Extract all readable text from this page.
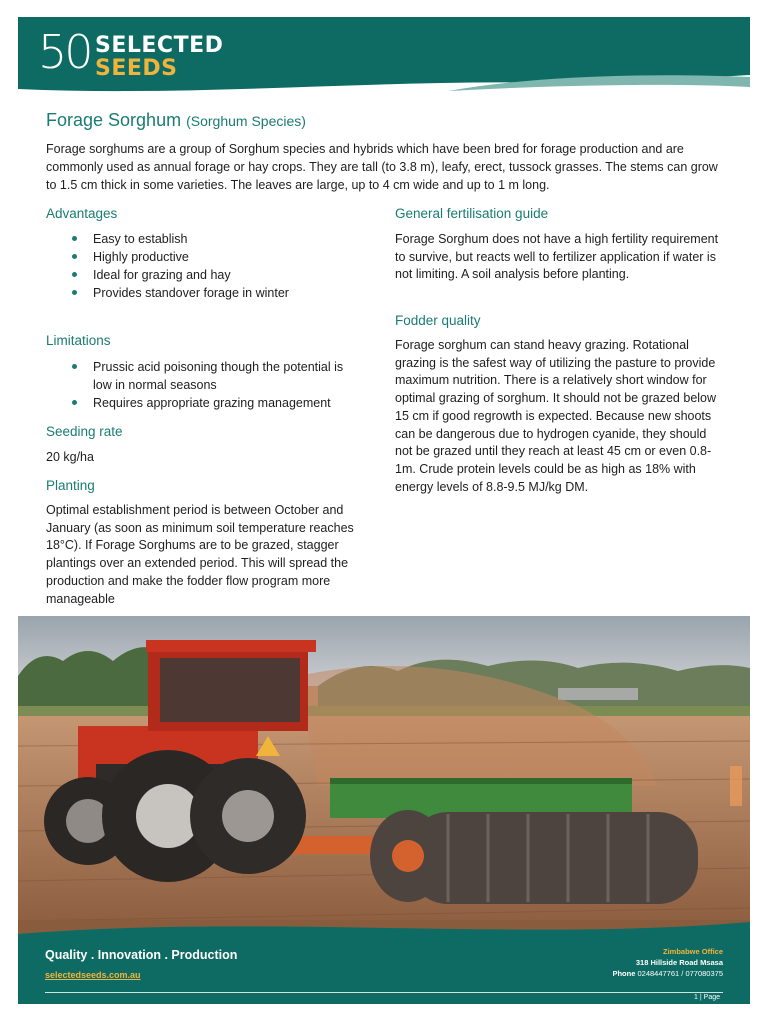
50 SELECTED
SEEDS
Forage Sorghum (Sorghum Species)

Forage sorghums are a group of Sorghum species and hybrids which have been bred for forage production and are commonly used as annual forage or hay crops. They are tall (to 3.8 m), leafy, erect, tussock grasses. The stems can grow to 1.5 cm thick in some varieties. The leaves are large, up to 4 cm wide and up to 1 m long.

Advantages
Easy to establish
Highly productive
Ideal for grazing and hay
Provides standover forage in winter
Limitations
Prussic acid poisoning though the potential is low in normal seasons
Requires appropriate grazing management
Seeding rate

20 kg/ha

Planting

Optimal establishment period is between October and January (as soon as minimum soil temperature reaches 18°C). If Forage Sorghums are to be grazed, stagger plantings over an extended period. This will spread the production and make the fodder flow program more manageable

General fertilisation guide

Forage Sorghum does not have a high fertility requirement to survive, but reacts well to fertilizer application if water is not limiting. A soil analysis before planting.

Fodder quality

Forage sorghum can stand heavy grazing. Rotational grazing is the safest way of utilizing the pasture to provide maximum nutrition. There is a relatively short window for optimal grazing of sorghum. It should not be grazed below 15 cm if good regrowth is expected. Because new shoots can be dangerous due to hydrogen cyanide, they should not be grazed until they reach at least 45 cm or even 0.8-1m. Crude protein levels could be as high as 18% with energy levels of 8.8-9.5 MJ/kg DM.

Quality . Innovation . Production
selectedseeds.com.au
Zimbabwe Office
318 Hillside Road Msasa
Phone 0248447761 / 077080375
1 | Page
